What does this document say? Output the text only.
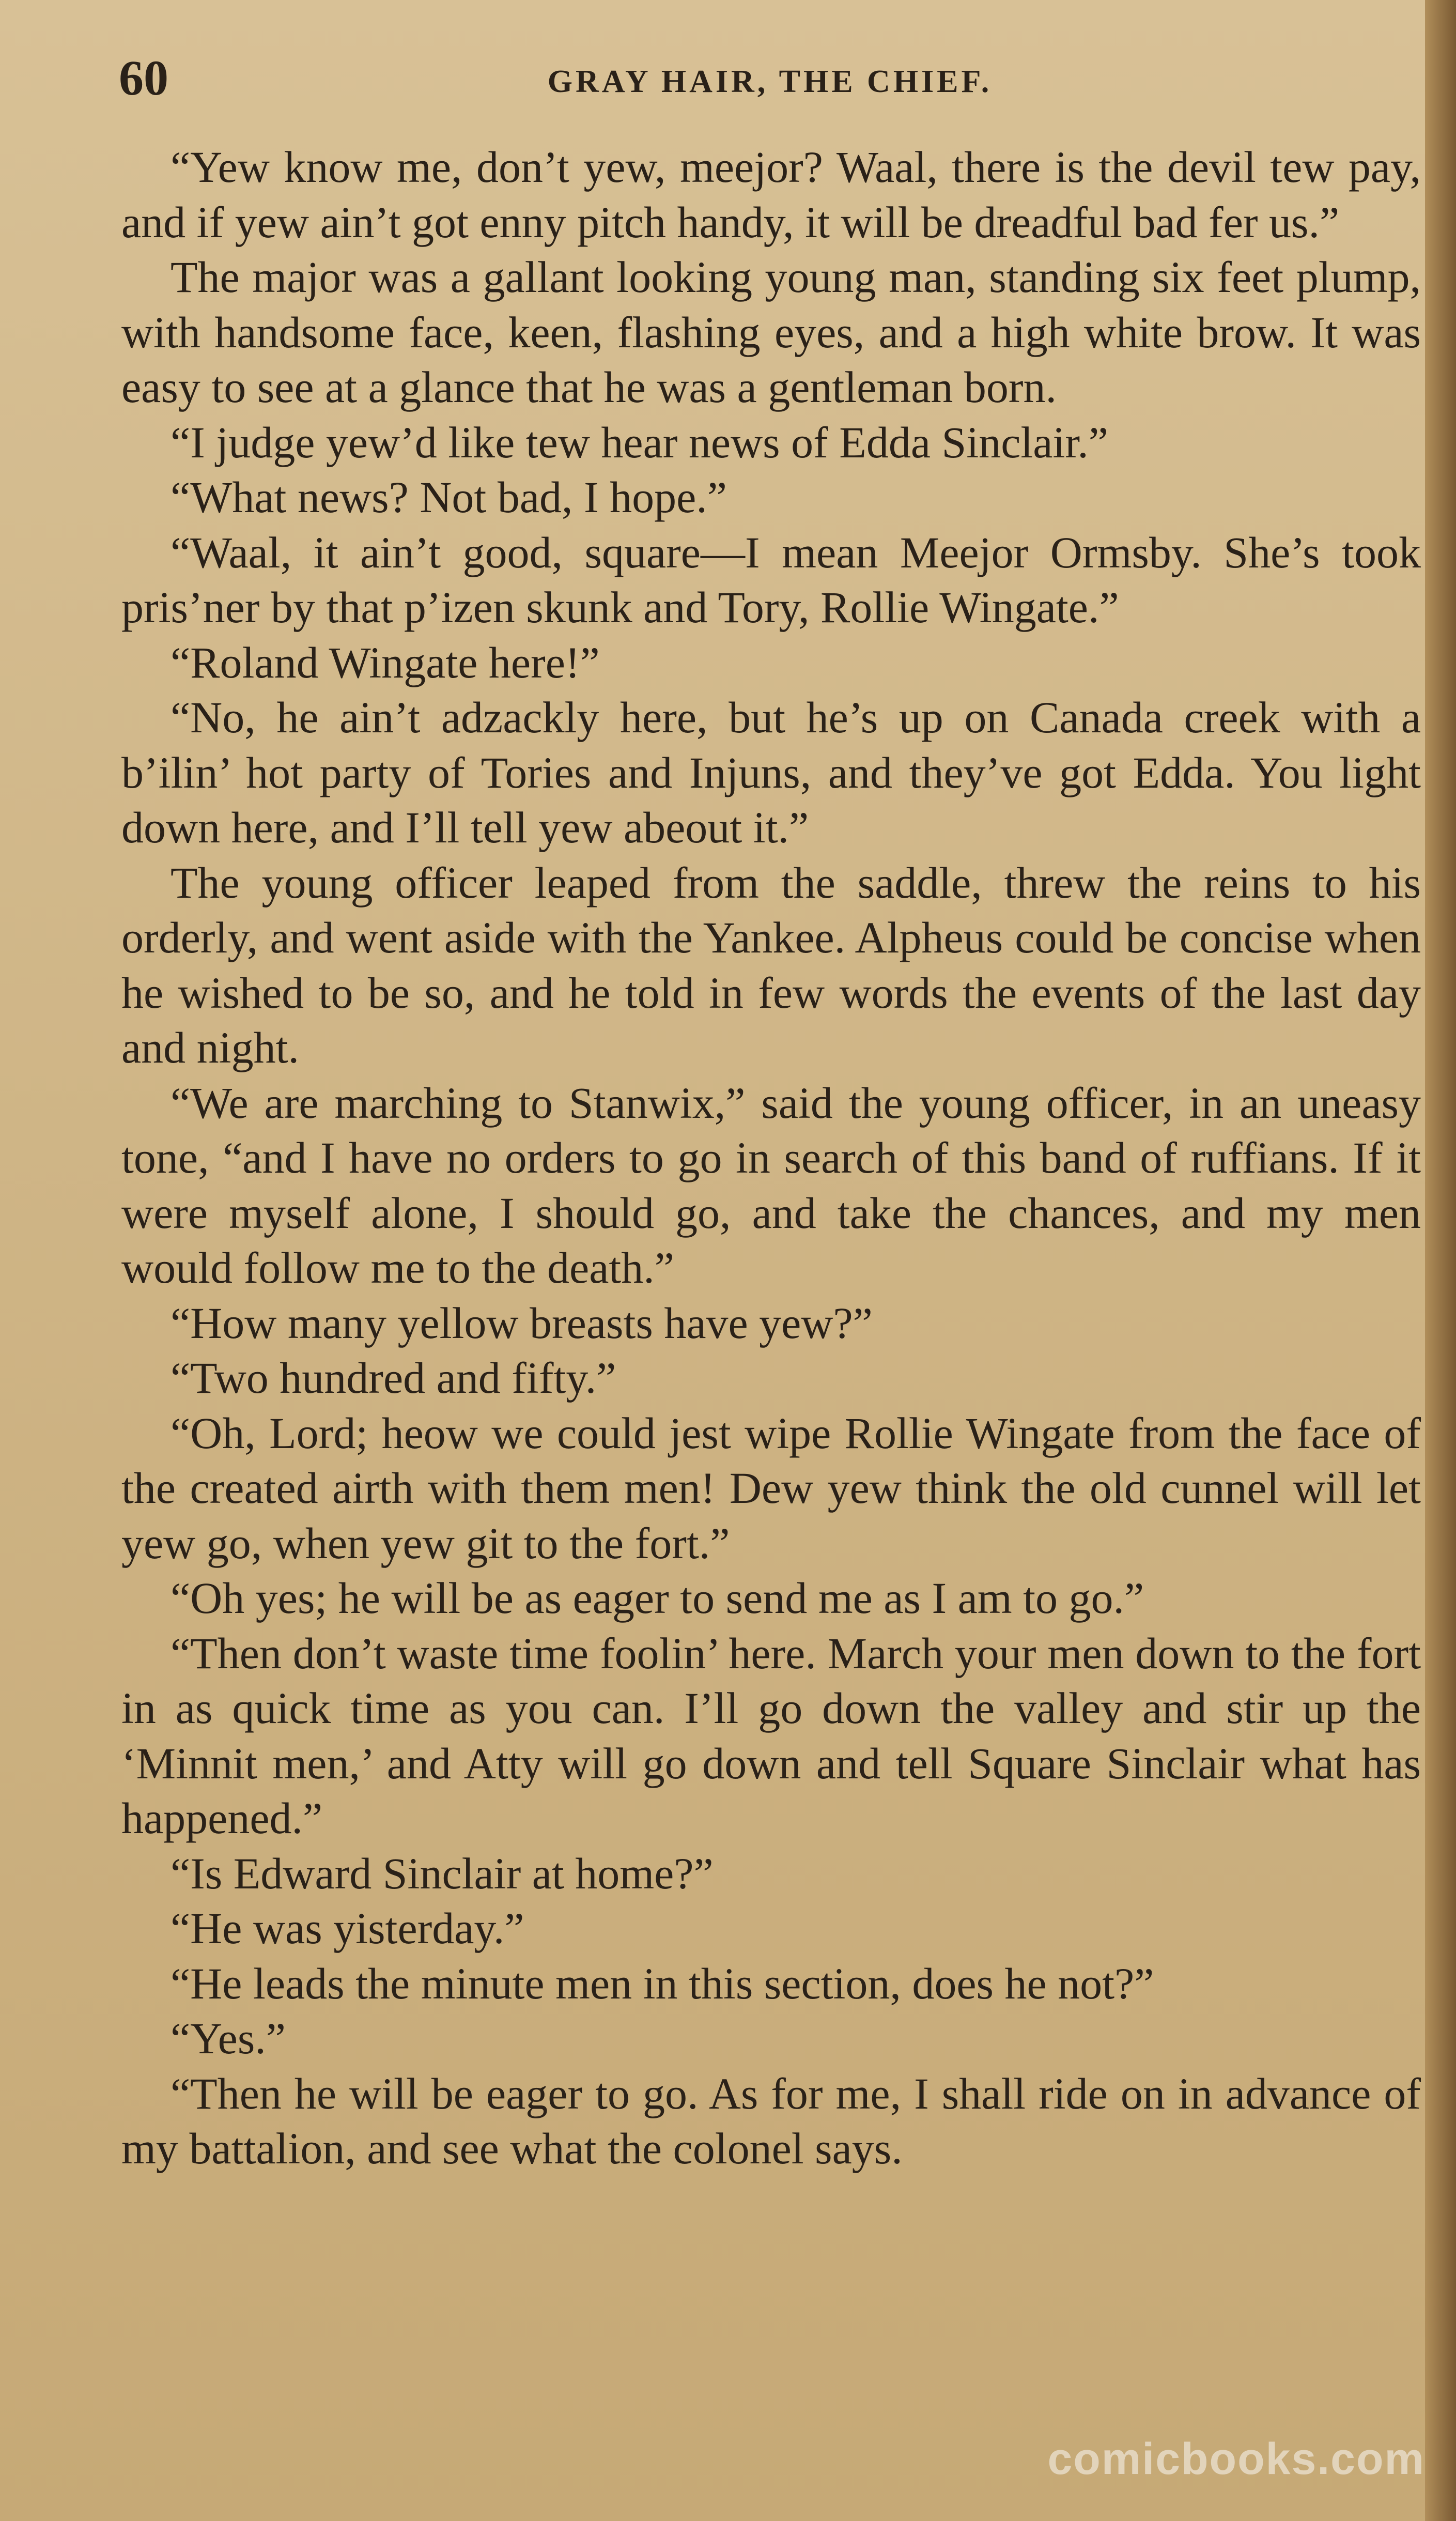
60	GRAY HAIR, THE CHIEF.

“Yew know me, don’t yew, meejor? Waal, there is the devil tew pay, and if yew ain’t got enny pitch handy, it will be dreadful bad fer us.”

The major was a gallant looking young man, standing six feet plump, with handsome face, keen, flashing eyes, and a high white brow. It was easy to see at a glance that he was a gentleman born.

“I judge yew’d like tew hear news of Edda Sinclair.”

“What news? Not bad, I hope.”

“Waal, it ain’t good, square—I mean Meejor Ormsby. She’s took pris’ner by that p’izen skunk and Tory, Rollie Wingate.”

“Roland Wingate here!”

“No, he ain’t adzackly here, but he’s up on Canada creek with a b’ilin’ hot party of Tories and Injuns, and they’ve got Edda. You light down here, and I’ll tell yew abeout it.”

The young officer leaped from the saddle, threw the reins to his orderly, and went aside with the Yankee. Alpheus could be concise when he wished to be so, and he told in few words the events of the last day and night.

“We are marching to Stanwix,” said the young officer, in an uneasy tone, “and I have no orders to go in search of this band of ruffians. If it were myself alone, I should go, and take the chances, and my men would follow me to the death.”

“How many yellow breasts have yew?”

“Two hundred and fifty.”

“Oh, Lord; heow we could jest wipe Rollie Wingate from the face of the created airth with them men! Dew yew think the old cunnel will let yew go, when yew git to the fort.”

“Oh yes; he will be as eager to send me as I am to go.”

“Then don’t waste time foolin’ here. March your men down to the fort in as quick time as you can. I’ll go down the valley and stir up the ‘Minnit men,’ and Atty will go down and tell Square Sinclair what has happened.”

“Is Edward Sinclair at home?”

“He was yisterday.”

“He leads the minute men in this section, does he not?”

“Yes.”

“Then he will be eager to go. As for me, I shall ride on in advance of my battalion, and see what the colonel says.

comicbooks.com
